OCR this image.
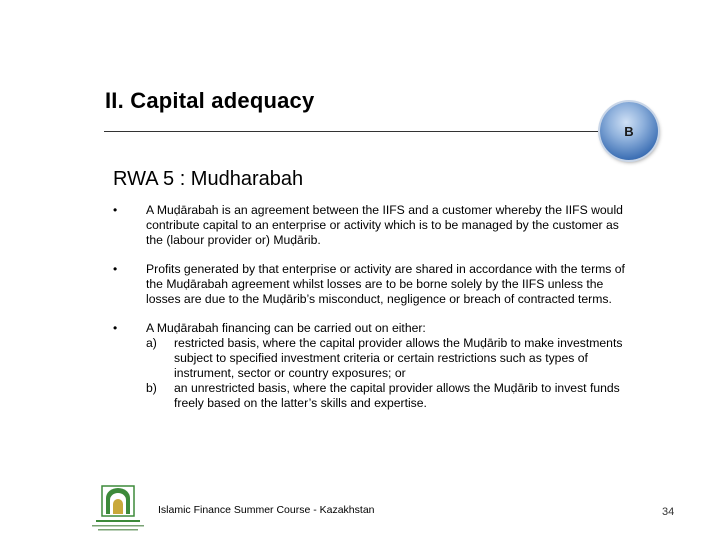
II. Capital adequacy
B
RWA 5 : Mudharabah
• A Muḍārabah is an agreement between the IIFS and a customer whereby the IIFS would contribute capital to an enterprise or activity which is to be managed by the customer as the (labour provider or) Muḍārib.
• Profits generated by that enterprise or activity are shared in accordance with the terms of the Muḍārabah agreement whilst losses are to be borne solely by the IIFS unless the losses are due to the Muḍārib’s misconduct, negligence or breach of contracted terms.
• A Muḍārabah financing can be carried out on either:
a) restricted basis, where the capital provider allows the Muḍārib to make investments subject to specified investment criteria or certain restrictions such as types of instrument, sector or country exposures; or
b) an unrestricted basis, where the capital provider allows the Muḍārib to invest funds freely based on the latter’s skills and expertise.
Islamic Finance Summer Course - Kazakhstan	34
